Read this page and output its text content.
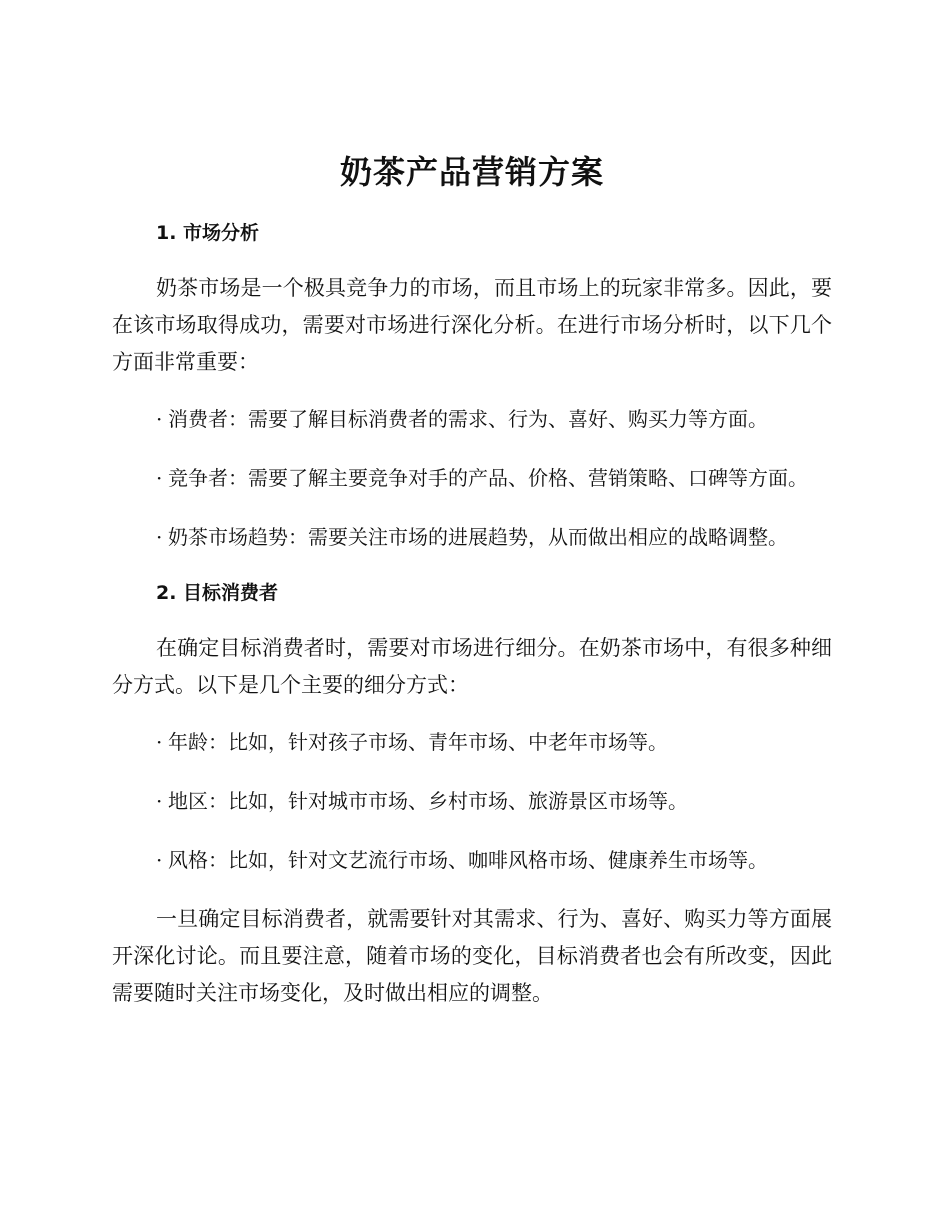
奶茶产品营销方案
1. 市场分析

奶茶市场是一个极具竞争力的市场，而且市场上的玩家非常多。因此，要在该市场取得成功，需要对市场进行深化分析。在进行市场分析时，以下几个方面非常重要：

· 消费者：需要了解目标消费者的需求、行为、喜好、购买力等方面。

· 竞争者：需要了解主要竞争对手的产品、价格、营销策略、口碑等方面。

· 奶茶市场趋势：需要关注市场的进展趋势，从而做出相应的战略调整。

2. 目标消费者

在确定目标消费者时，需要对市场进行细分。在奶茶市场中，有很多种细分方式。以下是几个主要的细分方式：

· 年龄：比如，针对孩子市场、青年市场、中老年市场等。

· 地区：比如，针对城市市场、乡村市场、旅游景区市场等。

· 风格：比如，针对文艺流行市场、咖啡风格市场、健康养生市场等。

一旦确定目标消费者，就需要针对其需求、行为、喜好、购买力等方面展开深化讨论。而且要注意，随着市场的变化，目标消费者也会有所改变，因此需要随时关注市场变化，及时做出相应的调整。
